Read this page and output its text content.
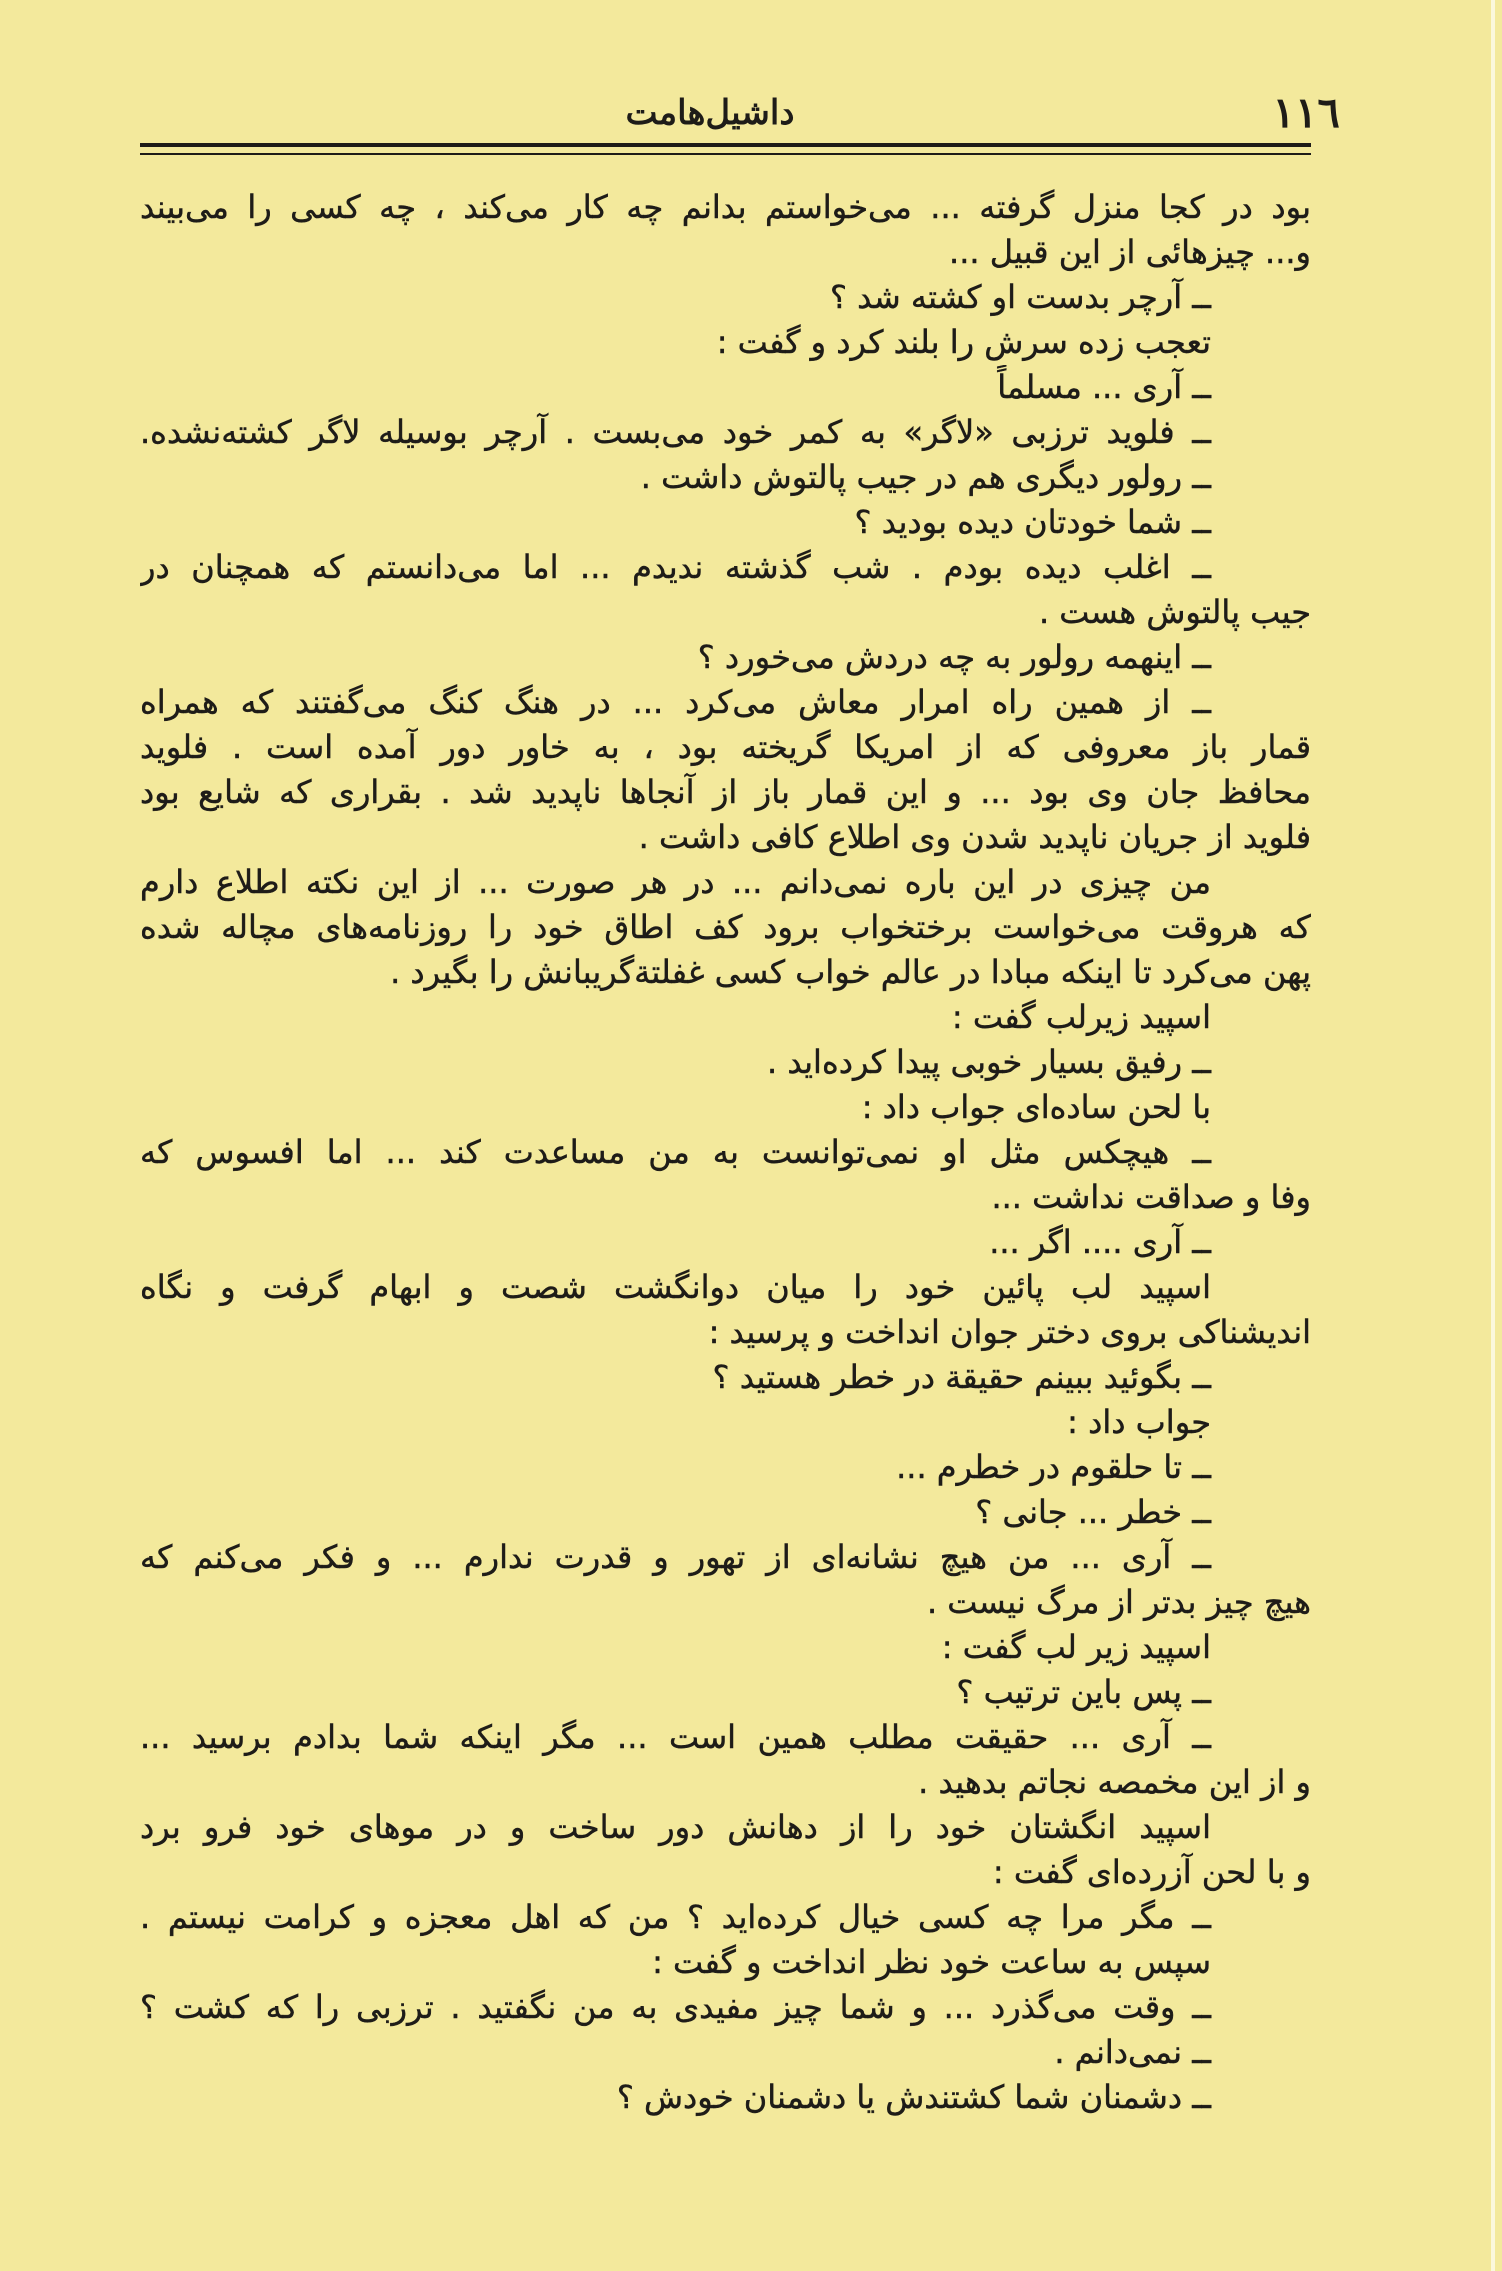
داشیل‌هامت	١١٦
بود در کجا منزل گرفته ... می‌خواستم بدانم چه کار می‌کند ، چه کسی را می‌بیند
و... چیزهائی از این قبیل ...
ــ آرچر بدست او کشته شد ؟
تعجب زده سرش را بلند کرد و گفت :
ــ آری ... مسلماً
ــ فلوید ترزبی «لاگر» به کمر خود می‌بست . آرچر بوسیله لاگر کشته‌نشده.
ــ رولور دیگری هم در جیب پالتوش داشت .
ــ شما خودتان دیده بودید ؟
ــ اغلب دیده بودم . شب گذشته ندیدم ... اما می‌دانستم که همچنان در
جیب پالتوش هست .
ــ اینهمه رولور به چه دردش می‌خورد ؟
ــ از همین راه امرار معاش می‌کرد ... در هنگ کنگ می‌گفتند که همراه
قمار باز معروفی که از امریکا گریخته بود ، به خاور دور آمده است . فلوید
محافظ جان وی بود ... و این قمار باز از آنجاها ناپدید شد . بقراری که شایع بود
فلوید از جریان ناپدید شدن وی اطلاع کافی داشت .
من چیزی در این باره نمی‌دانم ... در هر صورت ... از این نکته اطلاع دارم
که هروقت می‌خواست برختخواب برود کف اطاق خود را روزنامه‌های مچاله شده
پهن می‌کرد تا اینکه مبادا در عالم خواب کسی غفلتةگریبانش را بگیرد .
اسپید زیرلب گفت :
ــ رفیق بسیار خوبی پیدا کرده‌اید .
با لحن ساده‌ای جواب داد :
ــ هیچکس مثل او نمی‌توانست به من مساعدت کند ... اما افسوس که
وفا و صداقت نداشت ...
ــ آری .... اگر ...
اسپید لب پائین خود را میان دوانگشت شصت و ابهام گرفت و نگاه
اندیشناکی بروی دختر جوان انداخت و پرسید :
ــ بگوئید ببینم حقیقة در خطر هستید ؟
جواب داد :
ــ تا حلقوم در خطرم ...
ــ خطر ... جانی ؟
ــ آری ... من هیچ نشانه‌ای از تهور و قدرت ندارم ... و فکر می‌کنم که
هیچ چیز بدتر از مرگ نیست .
اسپید زیر لب گفت :
ــ پس باین ترتیب ؟
ــ آری ... حقیقت مطلب همین است ... مگر اینکه شما بدادم برسید ...
و از این مخمصه نجاتم بدهید .
اسپید انگشتان خود را از دهانش دور ساخت و در موهای خود فرو برد
و با لحن آزرده‌ای گفت :
ــ مگر مرا چه کسی خیال کرده‌اید ؟ من که اهل معجزه و کرامت نیستم .
سپس به ساعت خود نظر انداخت و گفت :
ــ وقت می‌گذرد ... و شما چیز مفیدی به من نگفتید . ترزبی را که کشت ؟
ــ نمی‌دانم .
ــ دشمنان شما کشتندش یا دشمنان خودش ؟
